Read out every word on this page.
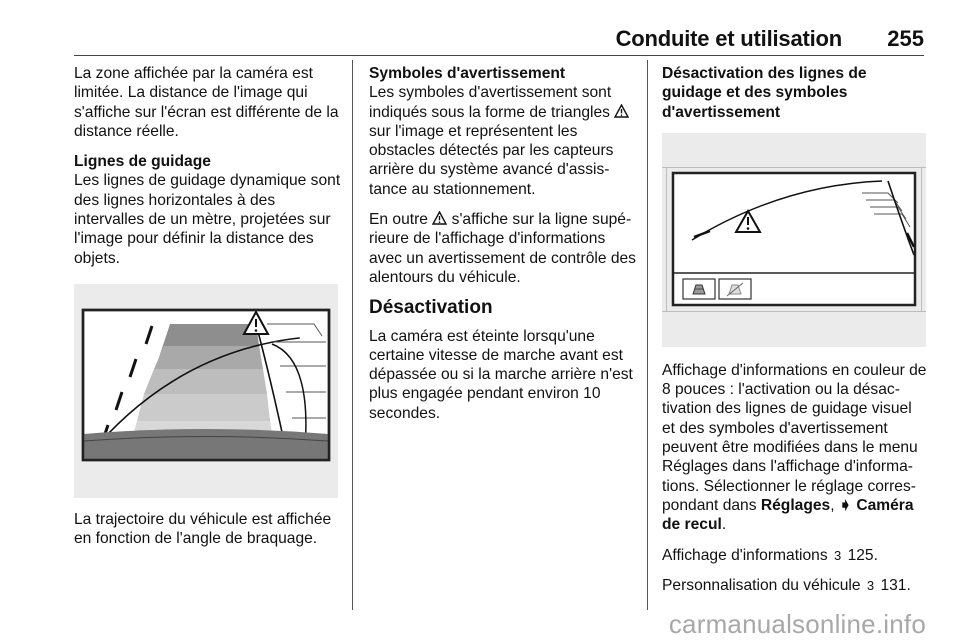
Conduite et utilisation 255

La zone affichée par la caméra est limitée. La distance de l'image qui s'affiche sur l'écran est différente de la distance réelle.

Lignes de guidage
Les lignes de guidage dynamique sont des lignes horizontales à des intervalles de un mètre, projetées sur l'image pour définir la distance des objets.

La trajectoire du véhicule est affichée en fonction de l'angle de braquage.

Symboles d'avertissement
Les symboles d'avertissement sont indiqués sous la forme de triangles  sur l'image et représentent les obstacles détectés par les capteurs arrière du système avancé d'assis-tance au stationnement.

En outre s'affiche sur la ligne supé-rieure de l'affichage d'informations avec un avertissement de contrôle des alentours du véhicule.

Désactivation

La caméra est éteinte lorsqu'une certaine vitesse de marche avant est dépassée ou si la marche arrière n'est plus engagée pendant environ 10 secondes.

Désactivation des lignes de guidage et des symboles d'avertissement

Affichage d'informations en couleur de 8 pouces : l'activation ou la désac-tivation des lignes de guidage visuel et des symboles d'avertissement peuvent être modifiées dans le menu Réglages dans l'affichage d'informa-tions. Sélectionner le réglage corres-pondant dans Réglages, ➧ Caméra de recul.

Affichage d'informations 3 125.

Personnalisation du véhicule 3 131.

carmanualsonline.info
